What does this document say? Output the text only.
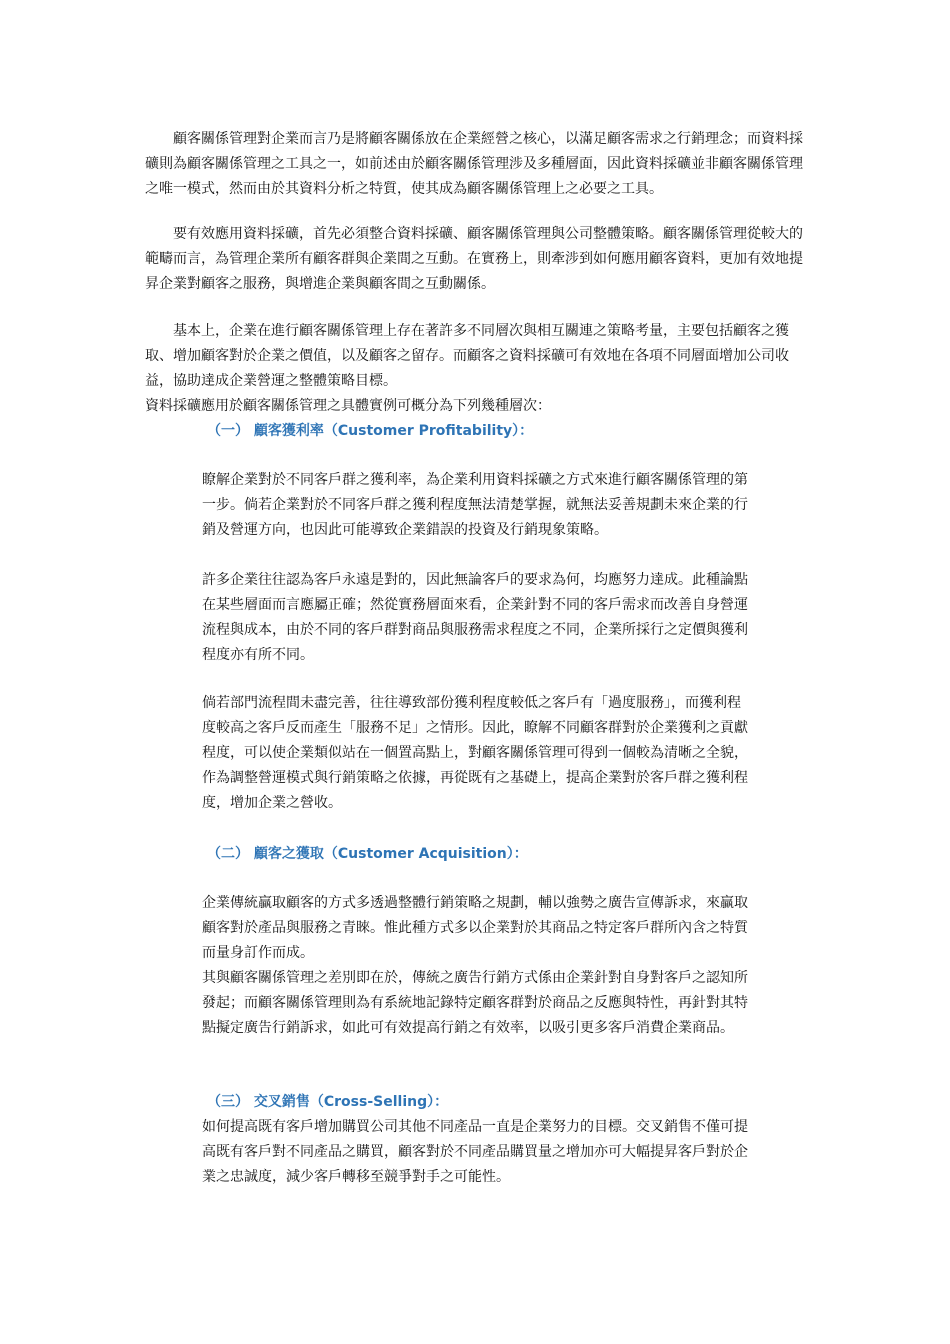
顧客關係管理對企業而言乃是將顧客關係放在企業經營之核心，以滿足顧客需求之行銷理念；而資料採礦則為顧客關係管理之工具之一，如前述由於顧客關係管理涉及多種層面，因此資料採礦並非顧客關係管理之唯一模式，然而由於其資料分析之特質，使其成為顧客關係管理上之必要之工具。

要有效應用資料採礦，首先必須整合資料採礦、顧客關係管理與公司整體策略。顧客關係管理從較大的範疇而言，為管理企業所有顧客群與企業間之互動。在實務上，則牽涉到如何應用顧客資料，更加有效地提昇企業對顧客之服務，與增進企業與顧客間之互動關係。

基本上，企業在進行顧客關係管理上存在著許多不同層次與相互關連之策略考量，主要包括顧客之獲取、增加顧客對於企業之價值，以及顧客之留存。而顧客之資料採礦可有效地在各項不同層面增加公司收益，協助達成企業營運之整體策略目標。

資料採礦應用於顧客關係管理之具體實例可概分為下列幾種層次：

（一） 顧客獲利率（Customer Profitability）：

瞭解企業對於不同客戶群之獲利率，為企業利用資料採礦之方式來進行顧客關係管理的第一步。倘若企業對於不同客戶群之獲利程度無法清楚掌握，就無法妥善規劃未來企業的行銷及營運方向，也因此可能導致企業錯誤的投資及行銷現象策略。

許多企業往往認為客戶永遠是對的，因此無論客戶的要求為何，均應努力達成。此種論點在某些層面而言應屬正確；然從實務層面來看，企業針對不同的客戶需求而改善自身營運流程與成本，由於不同的客戶群對商品與服務需求程度之不同，企業所採行之定價與獲利程度亦有所不同。

倘若部門流程間未盡完善，往往導致部份獲利程度較低之客戶有「過度服務」，而獲利程度較高之客戶反而產生「服務不足」之情形。因此，瞭解不同顧客群對於企業獲利之貢獻程度，可以使企業類似站在一個置高點上，對顧客關係管理可得到一個較為清晰之全貌，作為調整營運模式與行銷策略之依據，再從既有之基礎上，提高企業對於客戶群之獲利程度，增加企業之營收。

（二） 顧客之獲取（Customer Acquisition）：

企業傳統贏取顧客的方式多透過整體行銷策略之規劃，輔以強勢之廣告宣傳訴求，來贏取顧客對於產品與服務之青睞。惟此種方式多以企業對於其商品之特定客戶群所內含之特質而量身訂作而成。

其與顧客關係管理之差別即在於，傳統之廣告行銷方式係由企業針對自身對客戶之認知所發起；而顧客關係管理則為有系統地記錄特定顧客群對於商品之反應與特性，再針對其特點擬定廣告行銷訴求，如此可有效提高行銷之有效率，以吸引更多客戶消費企業商品。

（三） 交叉銷售（Cross-Selling）：

如何提高既有客戶增加購買公司其他不同產品一直是企業努力的目標。交叉銷售不僅可提高既有客戶對不同產品之購買，顧客對於不同產品購買量之增加亦可大幅提昇客戶對於企業之忠誠度，減少客戶轉移至競爭對手之可能性。
